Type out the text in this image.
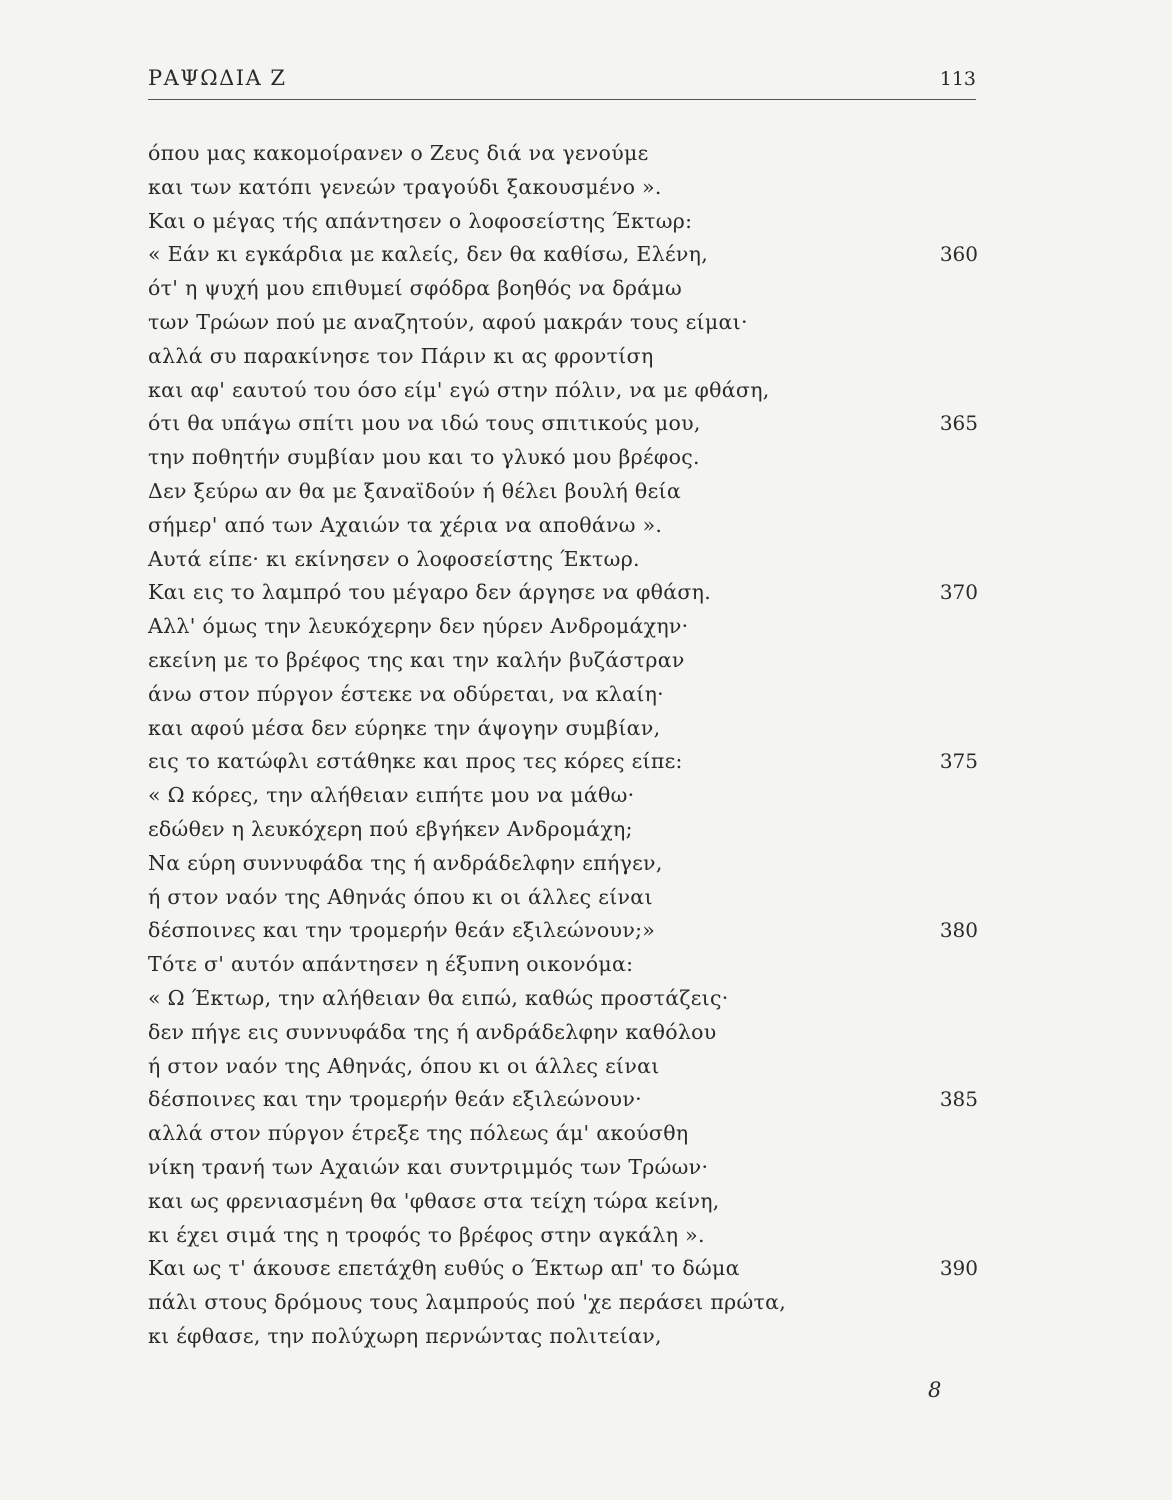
ΡΑΨΩΔΙΑ Ζ	113
όπου μας κακομοίρανεν ο Ζευς διά να γενούμε
και των κατόπι γενεών τραγούδι ξακουσμένο ».
Και ο μέγας τής απάντησεν ο λοφοσείστης Έκτωρ:
« Εάν κι εγκάρδια με καλείς, δεν θα καθίσω, Ελένη,	360
ότ' η ψυχή μου επιθυμεί σφόδρα βοηθός να δράμω
των Τρώων πού με αναζητούν, αφού μακράν τους είμαι·
αλλά συ παρακίνησε τον Πάριν κι ας φροντίση
και αφ' εαυτού του όσο είμ' εγώ στην πόλιν, να με φθάση,
ότι θα υπάγω σπίτι μου να ιδώ τους σπιτικούς μου,	365
την ποθητήν συμβίαν μου και το γλυκό μου βρέφος.
Δεν ξεύρω αν θα με ξαναϊδούν ή θέλει βουλή θεία
σήμερ' από των Αχαιών τα χέρια να αποθάνω ».
Αυτά είπε· κι εκίνησεν ο λοφοσείστης Έκτωρ.
Και εις το λαμπρό του μέγαρο δεν άργησε να φθάση.	370
Αλλ' όμως την λευκόχερην δεν ηύρεν Ανδρομάχην·
εκείνη με το βρέφος της και την καλήν βυζάστραν
άνω στον πύργον έστεκε να οδύρεται, να κλαίη·
και αφού μέσα δεν εύρηκε την άψογην συμβίαν,
εις το κατώφλι εστάθηκε και προς τες κόρες είπε:	375
« Ω κόρες, την αλήθειαν ειπήτε μου να μάθω·
εδώθεν η λευκόχερη πού εβγήκεν Ανδρομάχη;
Να εύρη συννυφάδα της ή ανδράδελφην επήγεν,
ή στον ναόν της Αθηνάς όπου κι οι άλλες είναι
δέσποινες και την τρομερήν θεάν εξιλεώνουν;»	380
Τότε σ' αυτόν απάντησεν η έξυπνη οικονόμα:
« Ω Έκτωρ, την αλήθειαν θα ειπώ, καθώς προστάζεις·
δεν πήγε εις συννυφάδα της ή ανδράδελφην καθόλου
ή στον ναόν της Αθηνάς, όπου κι οι άλλες είναι
δέσποινες και την τρομερήν θεάν εξιλεώνουν·	385
αλλά στον πύργον έτρεξε της πόλεως άμ' ακούσθη
νίκη τρανή των Αχαιών και συντριμμός των Τρώων·
και ως φρενιασμένη θα 'φθασε στα τείχη τώρα κείνη,
κι έχει σιμά της η τροφός το βρέφος στην αγκάλη ».
Και ως τ' άκουσε επετάχθη ευθύς ο Έκτωρ απ' το δώμα	390
πάλι στους δρόμους τους λαμπρούς πού 'χε περάσει πρώτα,
κι έφθασε, την πολύχωρη περνώντας πολιτείαν,
8
